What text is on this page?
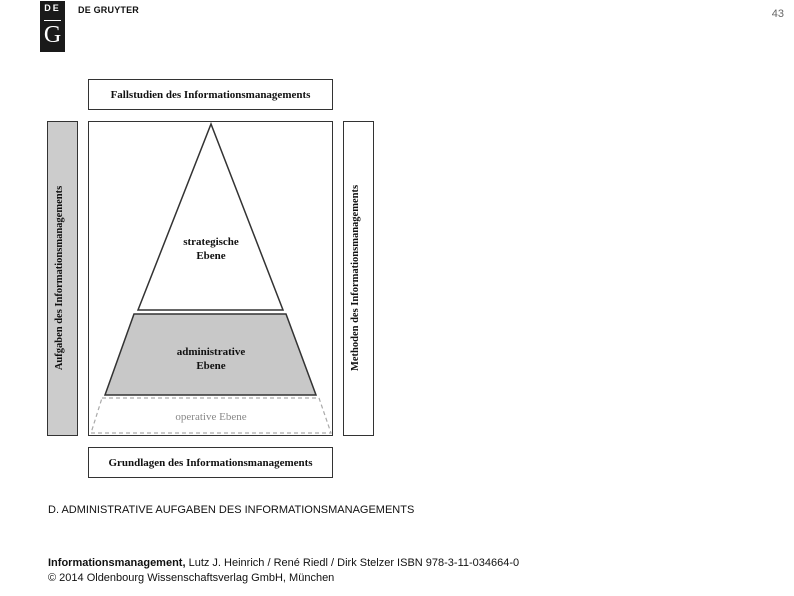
DE
G
DE GRUYTER	43
Fallstudien des Informationsmanagements
Aufgaben des Informationsmanagements	Methoden des Informationsmanagements
strategische
Ebene
administrative
Ebene
operative Ebene
Grundlagen des Informationsmanagements
D. ADMINISTRATIVE AUFGABEN DES INFORMATIONSMANAGEMENTS
Informationsmanagement, Lutz J. Heinrich / René Riedl / Dirk Stelzer ISBN 978-3-11-034664-0
© 2014 Oldenbourg Wissenschaftsverlag GmbH, München
